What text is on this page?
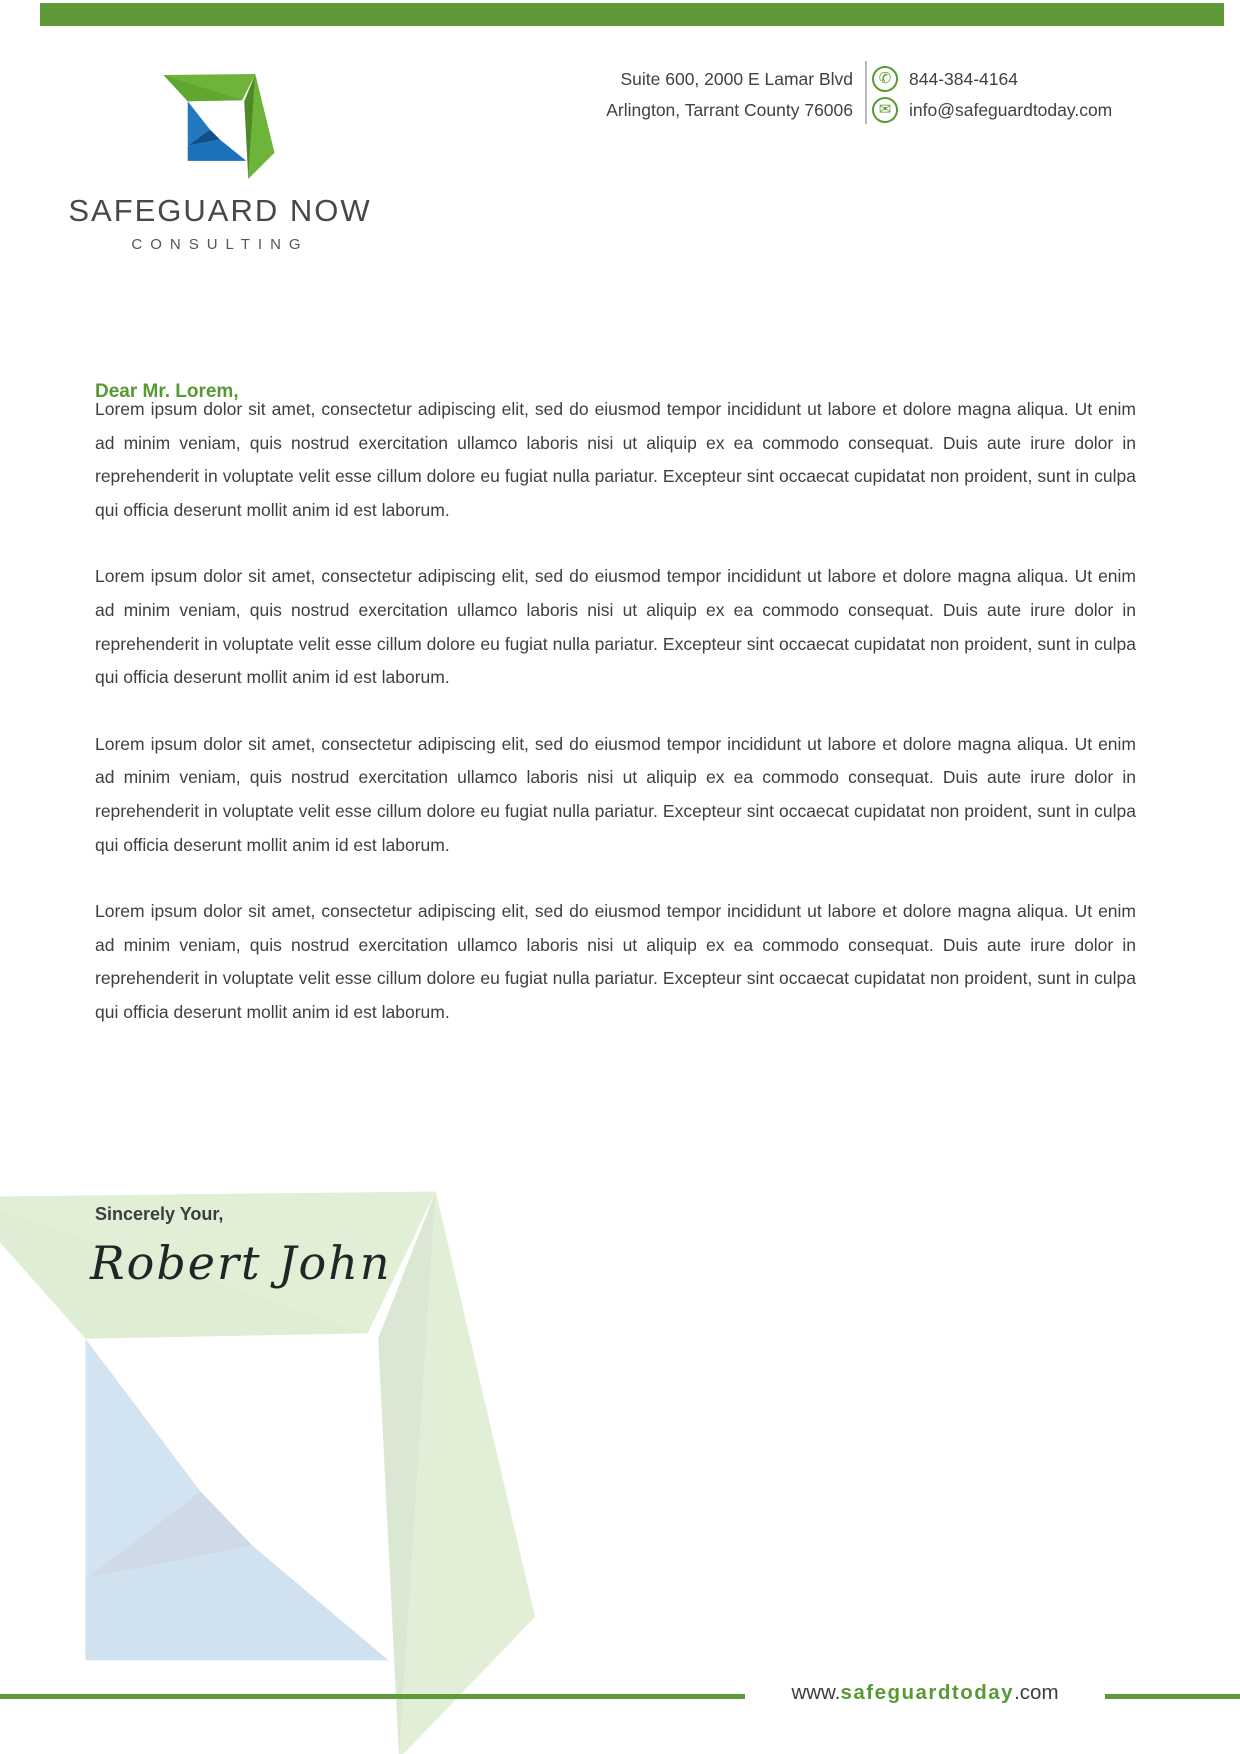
SAFEGUARD NOW
CONSULTING
Suite 600, 2000 E Lamar Blvd
Arlington, Tarrant County 76006
✆
✉
844-384-4164
info@safeguardtoday.com
Dear Mr. Lorem,

Lorem ipsum dolor sit amet, consectetur adipiscing elit, sed do eiusmod tempor incididunt ut labore et dolore magna aliqua. Ut enim ad minim veniam, quis nostrud exercitation ullamco laboris nisi ut aliquip ex ea commodo consequat. Duis aute irure dolor in reprehenderit in voluptate velit esse cillum dolore eu fugiat nulla pariatur. Excepteur sint occaecat cupidatat non proident, sunt in culpa qui officia deserunt mollit anim id est laborum.

Lorem ipsum dolor sit amet, consectetur adipiscing elit, sed do eiusmod tempor incididunt ut labore et dolore magna aliqua. Ut enim ad minim veniam, quis nostrud exercitation ullamco laboris nisi ut aliquip ex ea commodo consequat. Duis aute irure dolor in reprehenderit in voluptate velit esse cillum dolore eu fugiat nulla pariatur. Excepteur sint occaecat cupidatat non proident, sunt in culpa qui officia deserunt mollit anim id est laborum.

Lorem ipsum dolor sit amet, consectetur adipiscing elit, sed do eiusmod tempor incididunt ut labore et dolore magna aliqua. Ut enim ad minim veniam, quis nostrud exercitation ullamco laboris nisi ut aliquip ex ea commodo consequat. Duis aute irure dolor in reprehenderit in voluptate velit esse cillum dolore eu fugiat nulla pariatur. Excepteur sint occaecat cupidatat non proident, sunt in culpa qui officia deserunt mollit anim id est laborum.

Lorem ipsum dolor sit amet, consectetur adipiscing elit, sed do eiusmod tempor incididunt ut labore et dolore magna aliqua. Ut enim ad minim veniam, quis nostrud exercitation ullamco laboris nisi ut aliquip ex ea commodo consequat. Duis aute irure dolor in reprehenderit in voluptate velit esse cillum dolore eu fugiat nulla pariatur. Excepteur sint occaecat cupidatat non proident, sunt in culpa qui officia deserunt mollit anim id est laborum.

Sincerely Your,
Robert John
www.safeguardtoday.com
